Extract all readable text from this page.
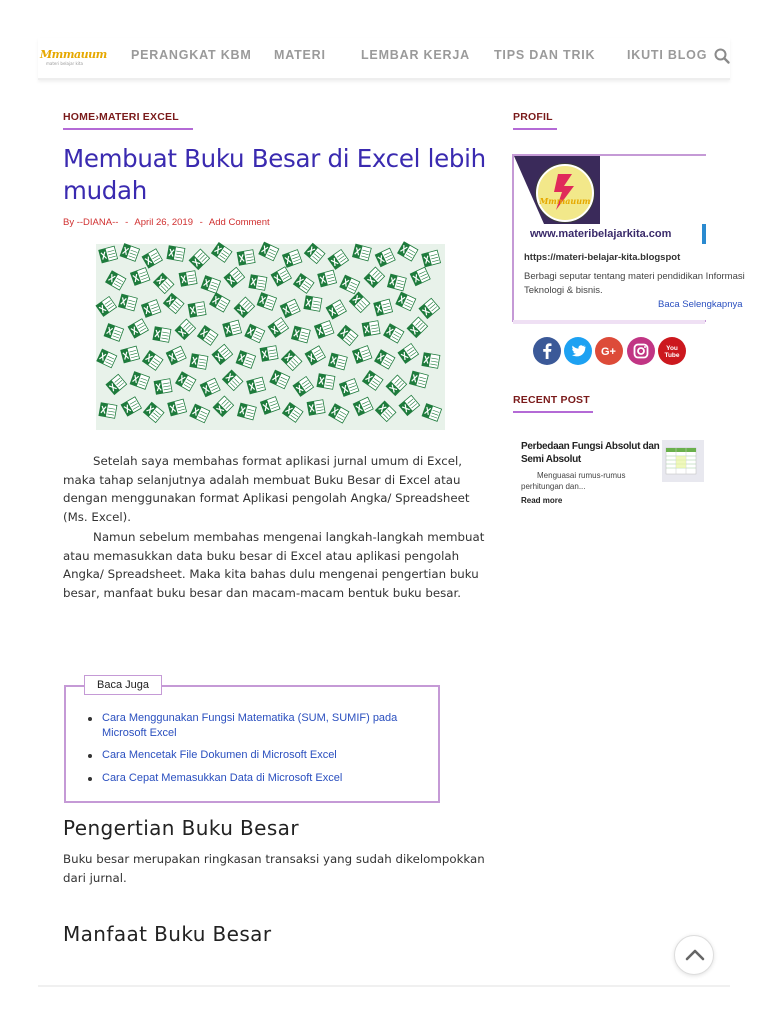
Mmmauum
materi belajar kita
PERANGKAT KBM MATERI	LEMBAR KERJA TIPS DAN TRIK	IKUTI BLOG
HOME›MATERI EXCEL
Membuat Buku Besar di Excel lebih mudah
By --DIANA-- - April 26, 2019 - Add Comment

Setelah saya membahas format aplikasi jurnal umum di Excel, maka tahap selanjutnya adalah membuat Buku Besar di Excel atau dengan menggunakan format Aplikasi pengolah Angka/ Spreadsheet (Ms. Excel).

Namun sebelum membahas mengenai langkah-langkah membuat atau memasukkan data buku besar di Excel atau aplikasi pengolah Angka/ Spreadsheet. Maka kita bahas dulu mengenai pengertian buku besar, manfaat buku besar dan macam-macam bentuk buku besar.

Baca Juga
Cara Menggunakan Fungsi Matematika (SUM, SUMIF) pada Microsoft Excel
Cara Mencetak File Dokumen di Microsoft Excel
Cara Cepat Memasukkan Data di Microsoft Excel
Pengertian Buku Besar

Buku besar merupakan ringkasan transaksi yang sudah dikelompokkan dari jurnal.

Manfaat Buku Besar
PROFIL
Mmmauum
www.materibelajarkita.com
https://materi-belajar-kita.blogspot
Berbagi seputar tentang materi pendidikan Informasi Teknologi & bisnis.
Baca Selengkapnya
G+	You
Tube
RECENT POST
Perbedaan Fungsi Absolut dan Semi Absolut
Menguasai rumus-rumus perhitungan dan...
Read more
